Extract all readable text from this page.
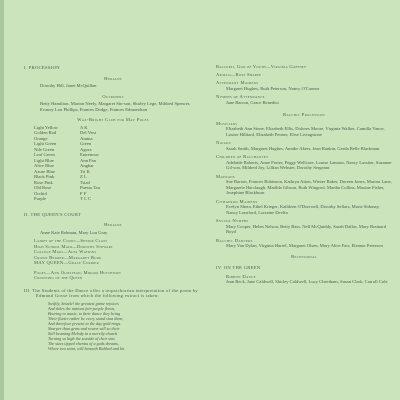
I. PROCESSION
Heralds
Dorothy Hill, Janet McQuillan
Outriders
Betty Hamilton, Marion Neely, Margaret Sin-son, Shirley Lege, Mildred Spencer, Evaney Lou Phillips, Frances Dodge, Frances Edmondson
Wax-Bright Club for May Poles
Light Yellow	A K
Golden Rod	Del Vera
Orange	Amma
Light Green	Green
Nile Green	Agora
Leaf Green	Entrenous
Light Blue	Ann Pan
Alice Blue	Anghar
Azure Blue	Tri K
Black Pink	Z L
Rose Pink	Triad
Old Rose	Puesta Tau
Orchid	F F
Purple	T C C
II. THE QUEEN'S COURT
Heralds
Anne Kate Rehman, Mary Lou Gray
Ladies of the Court—Senior Class
High School Maid—Dorothy Stewart
College Maid—Alfa Watkins
Crown Bearer—Margaret Burk
MAY QUEEN—Grace Currier
Pages—Ann Olmstead, Miriam Hutchison
Crowning of the Queen
III. The Students of the Dance offer a terpsichorean interpretation of the poem by Edmund Gosse from which the following extract is taken:
Swiftly, Seizzle! the greatest game rejoices
And doles the nations fair-people flown,
Bearing to music, to their dance they bring
Their flutter rather be every stand sina them,
And threefour present to the day gold rings.
Sharper than gems and rowen will so their
Still beaming Melody in a merrily church
Turning so high the seaside of their sins
The sizes tipped vheniss of a gods dreams,
Where two saint, will beneath Rabbed and kit
Baccerti, God of Youth—Virginia Gaffney
Apollo—Rose Sharpe
Attendant Maidens
Margaret Hughes, Ruth Peterson, Nancy O'Connor
Nymphs of Attendance
Jane Barron, Grace Benedict
Bacchic Procession
Musicians
Elizabeth Ann Stone, Elizabeth Ellis, Dolores Moore, Virginia Walker, Camilla Vance, Louise Hilliard, Elizabeth Penner, Elise Livingstone
Naiads
Sarah Smith, Margaret Hughes, Annike Akers, Jean Rankin, Gerda Belle Blackman
Children of Bacchantes
Adelaide Roberts, Anne Porter, Peggy Wellcore, Louise Lamour, Nancy Lassiter, Suzanne Gil-son, Mildred Joy, Lillian Webster, Dorothy Sergeant
Maenads
Sue Barton, Frances Robinson, Kathryn Atton, Winter Baker, Doreen Jones, Marion Lane, Margarete Harclaugh, Matilda Gibson, Ruth Wingrod, Martha Collins, Maxine Fisher, Josephine Blackburn
Cithaeron Maidens
Evelyn Shera, Ethel Krieger, Kathleen O'Don-nell, Dorothy Sellars, Marie Sidonay, Nancy Lonsford, Lorraine Devlin
Sylvan Nymphs
Mary Cooper, Helen Nelson, Betty Bass, Nell McQuiddy, Sarah Dallas, Mary Brainard Boyd
Bacchic Dancers
Mary Van Dylan, Virginia Harrel, Margaret Olsen, Mary Alice Farr, Eleanor Peterson
Recessional
IV. ON THE GREEN
Ribbon Dance
Jean Beck, Jane Caldwell, Shirley Caldwell, Lucy Cheetham, Susan Clark, Carroll Cole
